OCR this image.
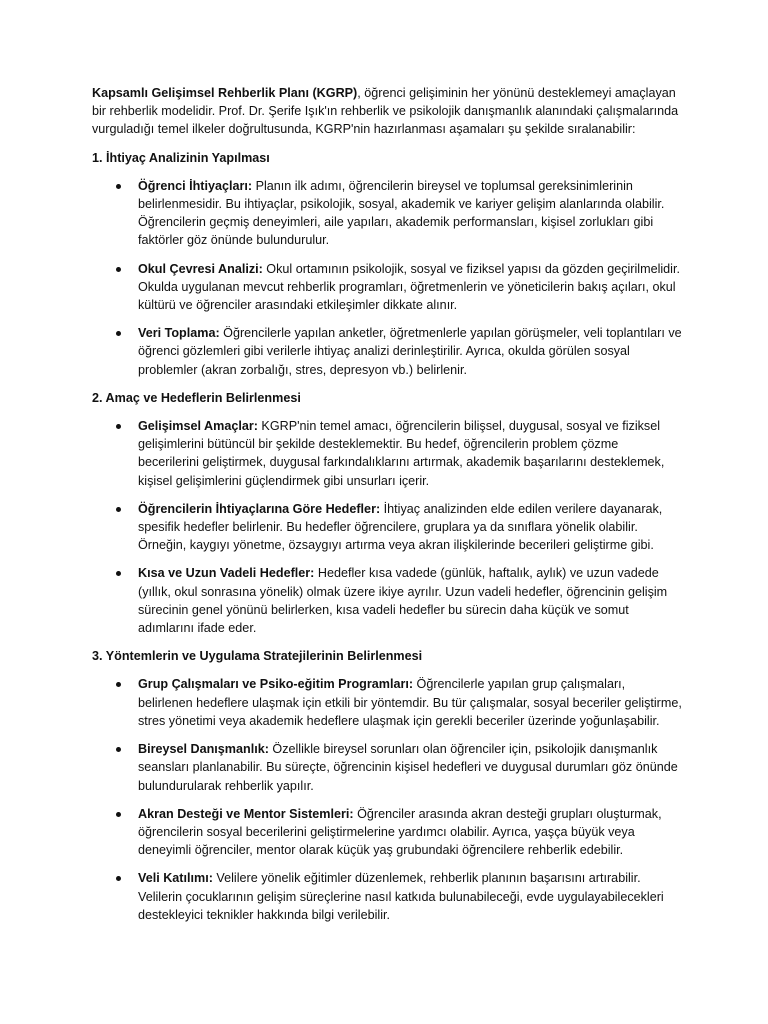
Kapsamlı Gelişimsel Rehberlik Planı (KGRP), öğrenci gelişiminin her yönünü desteklemeyi amaçlayan bir rehberlik modelidir. Prof. Dr. Şerife Işık'ın rehberlik ve psikolojik danışmanlık alanındaki çalışmalarında vurguladığı temel ilkeler doğrultusunda, KGRP'nin hazırlanması aşamaları şu şekilde sıralanabilir:

1. İhtiyaç Analizinin Yapılması
Öğrenci İhtiyaçları: Planın ilk adımı, öğrencilerin bireysel ve toplumsal gereksinimlerinin belirlenmesidir. Bu ihtiyaçlar, psikolojik, sosyal, akademik ve kariyer gelişim alanlarında olabilir. Öğrencilerin geçmiş deneyimleri, aile yapıları, akademik performansları, kişisel zorlukları gibi faktörler göz önünde bulundurulur.
Okul Çevresi Analizi: Okul ortamının psikolojik, sosyal ve fiziksel yapısı da gözden geçirilmelidir. Okulda uygulanan mevcut rehberlik programları, öğretmenlerin ve yöneticilerin bakış açıları, okul kültürü ve öğrenciler arasındaki etkileşimler dikkate alınır.
Veri Toplama: Öğrencilerle yapılan anketler, öğretmenlerle yapılan görüşmeler, veli toplantıları ve öğrenci gözlemleri gibi verilerle ihtiyaç analizi derinleştirilir. Ayrıca, okulda görülen sosyal problemler (akran zorbalığı, stres, depresyon vb.) belirlenir.
2. Amaç ve Hedeflerin Belirlenmesi
Gelişimsel Amaçlar: KGRP'nin temel amacı, öğrencilerin bilişsel, duygusal, sosyal ve fiziksel gelişimlerini bütüncül bir şekilde desteklemektir. Bu hedef, öğrencilerin problem çözme becerilerini geliştirmek, duygusal farkındalıklarını artırmak, akademik başarılarını desteklemek, kişisel gelişimlerini güçlendirmek gibi unsurları içerir.
Öğrencilerin İhtiyaçlarına Göre Hedefler: İhtiyaç analizinden elde edilen verilere dayanarak, spesifik hedefler belirlenir. Bu hedefler öğrencilere, gruplara ya da sınıflara yönelik olabilir. Örneğin, kaygıyı yönetme, özsaygıyı artırma veya akran ilişkilerinde becerileri geliştirme gibi.
Kısa ve Uzun Vadeli Hedefler: Hedefler kısa vadede (günlük, haftalık, aylık) ve uzun vadede (yıllık, okul sonrasına yönelik) olmak üzere ikiye ayrılır. Uzun vadeli hedefler, öğrencinin gelişim sürecinin genel yönünü belirlerken, kısa vadeli hedefler bu sürecin daha küçük ve somut adımlarını ifade eder.
3. Yöntemlerin ve Uygulama Stratejilerinin Belirlenmesi
Grup Çalışmaları ve Psiko-eğitim Programları: Öğrencilerle yapılan grup çalışmaları, belirlenen hedeflere ulaşmak için etkili bir yöntemdir. Bu tür çalışmalar, sosyal beceriler geliştirme, stres yönetimi veya akademik hedeflere ulaşmak için gerekli beceriler üzerinde yoğunlaşabilir.
Bireysel Danışmanlık: Özellikle bireysel sorunları olan öğrenciler için, psikolojik danışmanlık seansları planlanabilir. Bu süreçte, öğrencinin kişisel hedefleri ve duygusal durumları göz önünde bulundurularak rehberlik yapılır.
Akran Desteği ve Mentor Sistemleri: Öğrenciler arasında akran desteği grupları oluşturmak, öğrencilerin sosyal becerilerini geliştirmelerine yardımcı olabilir. Ayrıca, yaşça büyük veya deneyimli öğrenciler, mentor olarak küçük yaş grubundaki öğrencilere rehberlik edebilir.
Veli Katılımı: Velilere yönelik eğitimler düzenlemek, rehberlik planının başarısını artırabilir. Velilerin çocuklarının gelişim süreçlerine nasıl katkıda bulunabileceği, evde uygulayabilecekleri destekleyici teknikler hakkında bilgi verilebilir.
